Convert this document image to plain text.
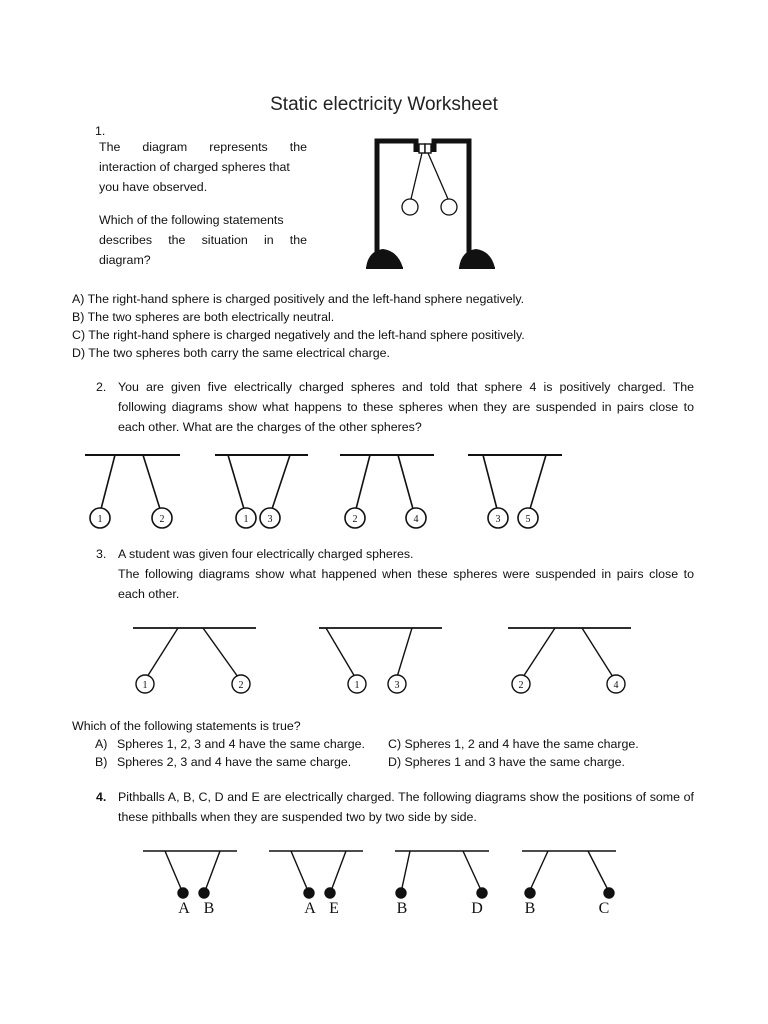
Static electricity Worksheet
1.
The diagram represents the
interaction of charged spheres that
you have observed.
Which of the following statements
describes the situation in the
diagram?
A) The right-hand sphere is charged positively and the left-hand sphere negatively.
B) The two spheres are both electrically neutral.
C) The right-hand sphere is charged negatively and the left-hand sphere positively.
D) The two spheres both carry the same electrical charge.
2. You are given five electrically charged spheres and told that sphere 4 is positively charged. The
following diagrams show what happens to these spheres when they are suspended in pairs close to
each other. What are the charges of the other spheres?
1	2	1 3	2	4	3	5
3. A student was given four electrically charged spheres.
The following diagrams show what happened when these spheres were suspended in pairs close to
each other.
1	2	1	3	2	4
Which of the following statements is true?
A) Spheres 1, 2, 3 and 4 have the same charge.
B) Spheres 2, 3 and 4 have the same charge.
C) Spheres 1, 2 and 4 have the same charge.
D) Spheres 1 and 3 have the same charge.
4. Pithballs A, B, C, D and E are electrically charged. The following diagrams show the positions of some of
these pithballs when they are suspended two by two side by side.
A B	A E	B	D	B	C
